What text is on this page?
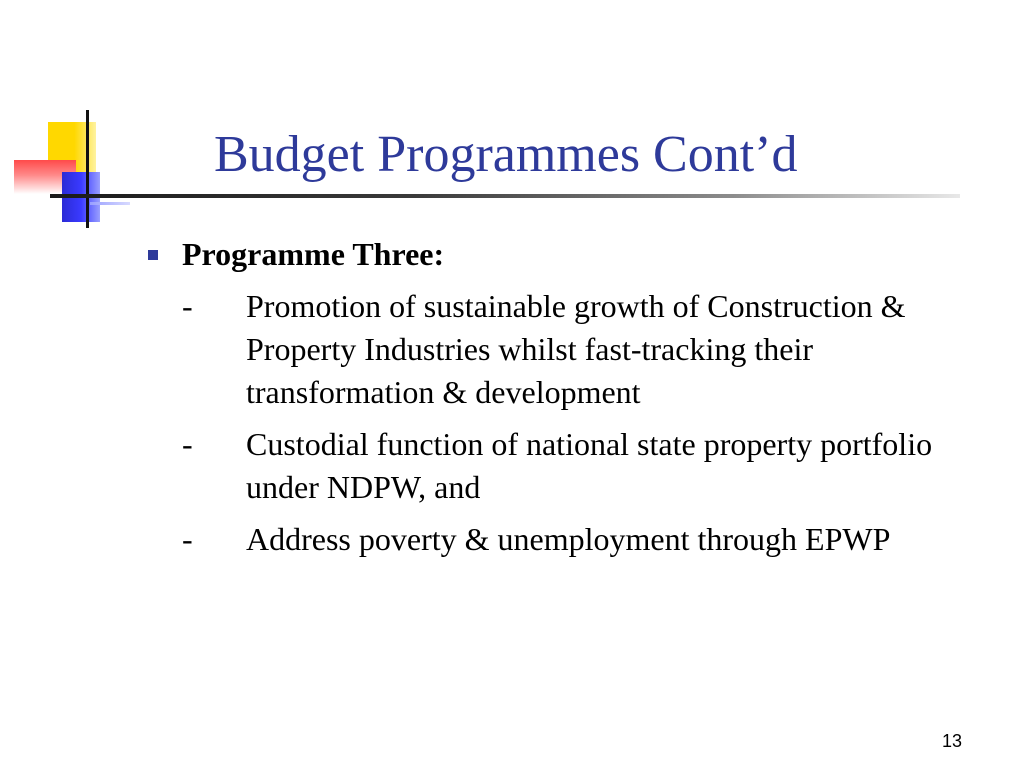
Budget Programmes Cont’d
Programme Three:
-	Promotion of sustainable growth of Construction & Property Industries whilst fast-tracking their  transformation & development
-	Custodial function of national state property portfolio under NDPW, and
-	Address poverty & unemployment through EPWP
13
